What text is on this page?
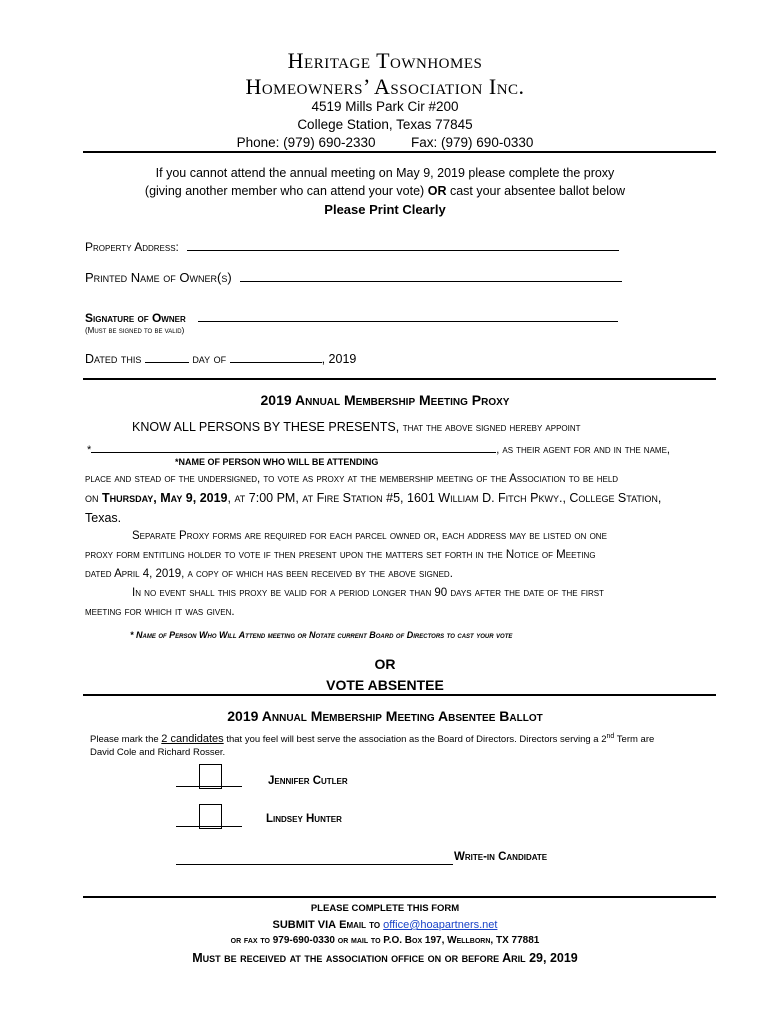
Heritage Townhomes
Homeowners’ Association Inc.
4519 Mills Park Cir #200
College Station, Texas 77845
Phone: (979) 690-2330	Fax: (979) 690-0330
If you cannot attend the annual meeting on May 9, 2019 please complete the proxy
(giving another member who can attend your vote) OR cast your absentee ballot below
Please Print Clearly
Property Address:
Printed Name of Owner(s)
Signature of Owner
(Must be signed to be valid)
Dated this	day of	, 2019
2019 Annual Membership Meeting Proxy
KNOW ALL PERSONS BY THESE PRESENTS, that the above signed hereby appoint
*	, as their agent for and in the name,
*NAME OF PERSON WHO WILL BE ATTENDING
place and stead of the undersigned, to vote as proxy at the membership meeting of the Association to be held
on Thursday, May 9, 2019, at 7:00 PM, at Fire Station #5, 1601 William D. Fitch Pkwy., College Station,
Texas.
Separate Proxy forms are required for each parcel owned or, each address may be listed on one
proxy form entitling holder to vote if then present upon the matters set forth in the Notice of Meeting
dated April 4, 2019, a copy of which has been received by the above signed.
In no event shall this proxy be valid for a period longer than 90 days after the date of the first
meeting for which it was given.
* Name of Person Who Will Attend meeting or Notate current Board of Directors to cast your vote
OR
VOTE ABSENTEE
2019 Annual Membership Meeting Absentee Ballot
Please mark the 2 candidates that you feel will best serve the association as the Board of Directors. Directors serving a 2nd Term are
David Cole and Richard Rosser.
Jennifer Cutler
Lindsey Hunter
Write-in Candidate
PLEASE COMPLETE THIS FORM
SUBMIT VIA Email to office@hoapartners.net
or fax to 979-690-0330 or mail to P.O. Box 197, Wellborn, TX 77881
Must be received at the association office on or before Aril 29, 2019
